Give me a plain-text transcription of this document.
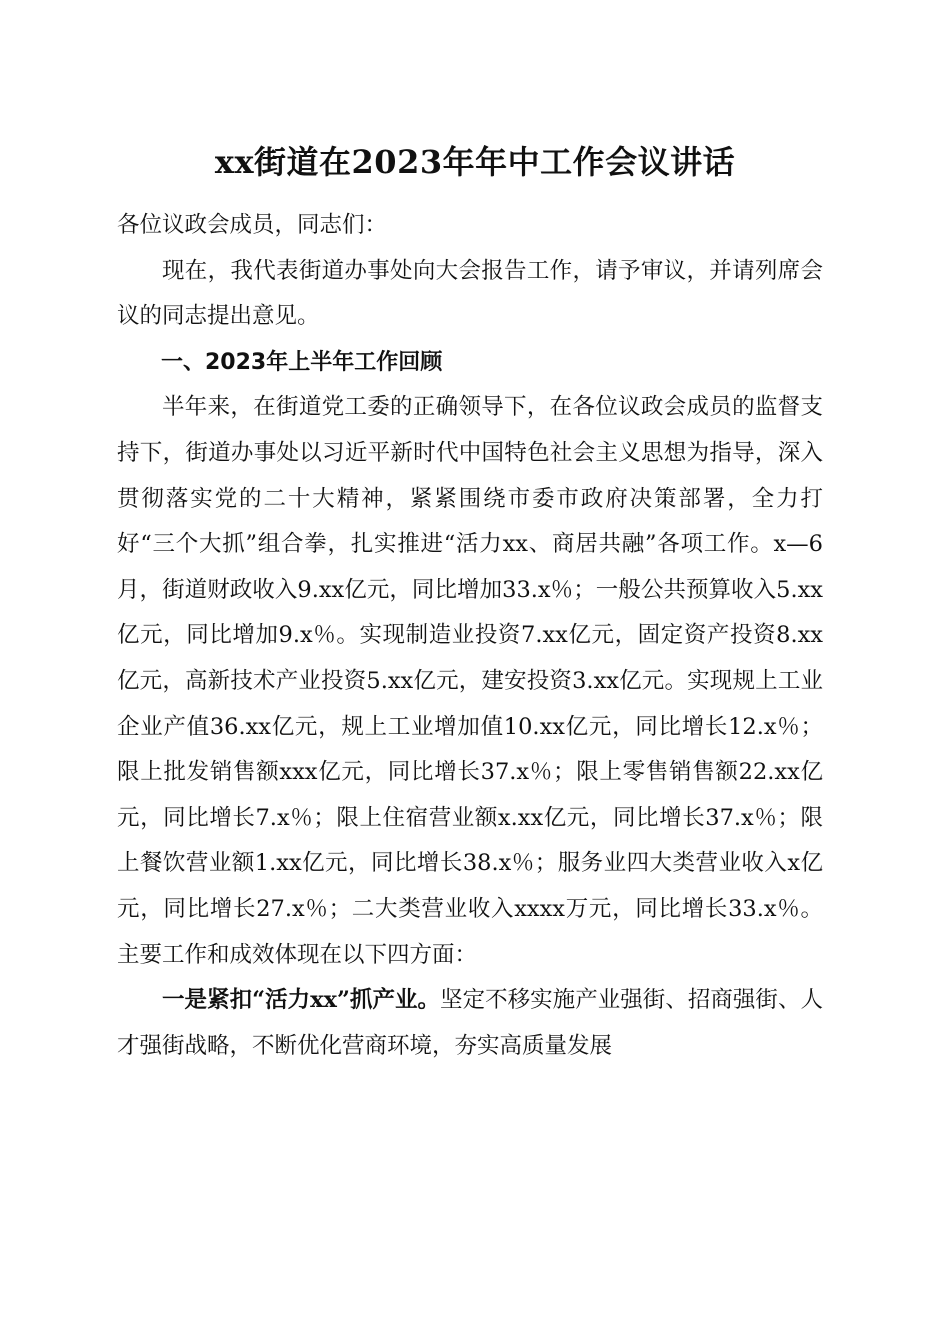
xx街道在2023年年中工作会议讲话

各位议政会成员，同志们：

现在，我代表街道办事处向大会报告工作，请予审议，并请列席会议的同志提出意见。

一、2023年上半年工作回顾

半年来，在街道党工委的正确领导下，在各位议政会成员的监督支持下，街道办事处以习近平新时代中国特色社会主义思想为指导，深入贯彻落实党的二十大精神，紧紧围绕市委市政府决策部署，全力打好“三个大抓”组合拳，扎实推进“活力xx、商居共融”各项工作。x—6月，街道财政收入9.xx亿元，同比增加33.x％；一般公共预算收入5.xx亿元，同比增加9.x％。实现制造业投资7.xx亿元，固定资产投资8.xx亿元，高新技术产业投资5.xx亿元，建安投资3.xx亿元。实现规上工业企业产值36.xx亿元，规上工业增加值10.xx亿元，同比增长12.x％；限上批发销售额xxx亿元，同比增长37.x％；限上零售销售额22.xx亿元，同比增长7.x％；限上住宿营业额x.xx亿元，同比增长37.x％；限上餐饮营业额1.xx亿元，同比增长38.x％；服务业四大类营业收入x亿元，同比增长27.x％；二大类营业收入xxxx万元，同比增长33.x％。主要工作和成效体现在以下四方面：

一是紧扣“活力xx”抓产业。坚定不移实施产业强街、招商强街、人才强街战略，不断优化营商环境，夯实高质量发展
